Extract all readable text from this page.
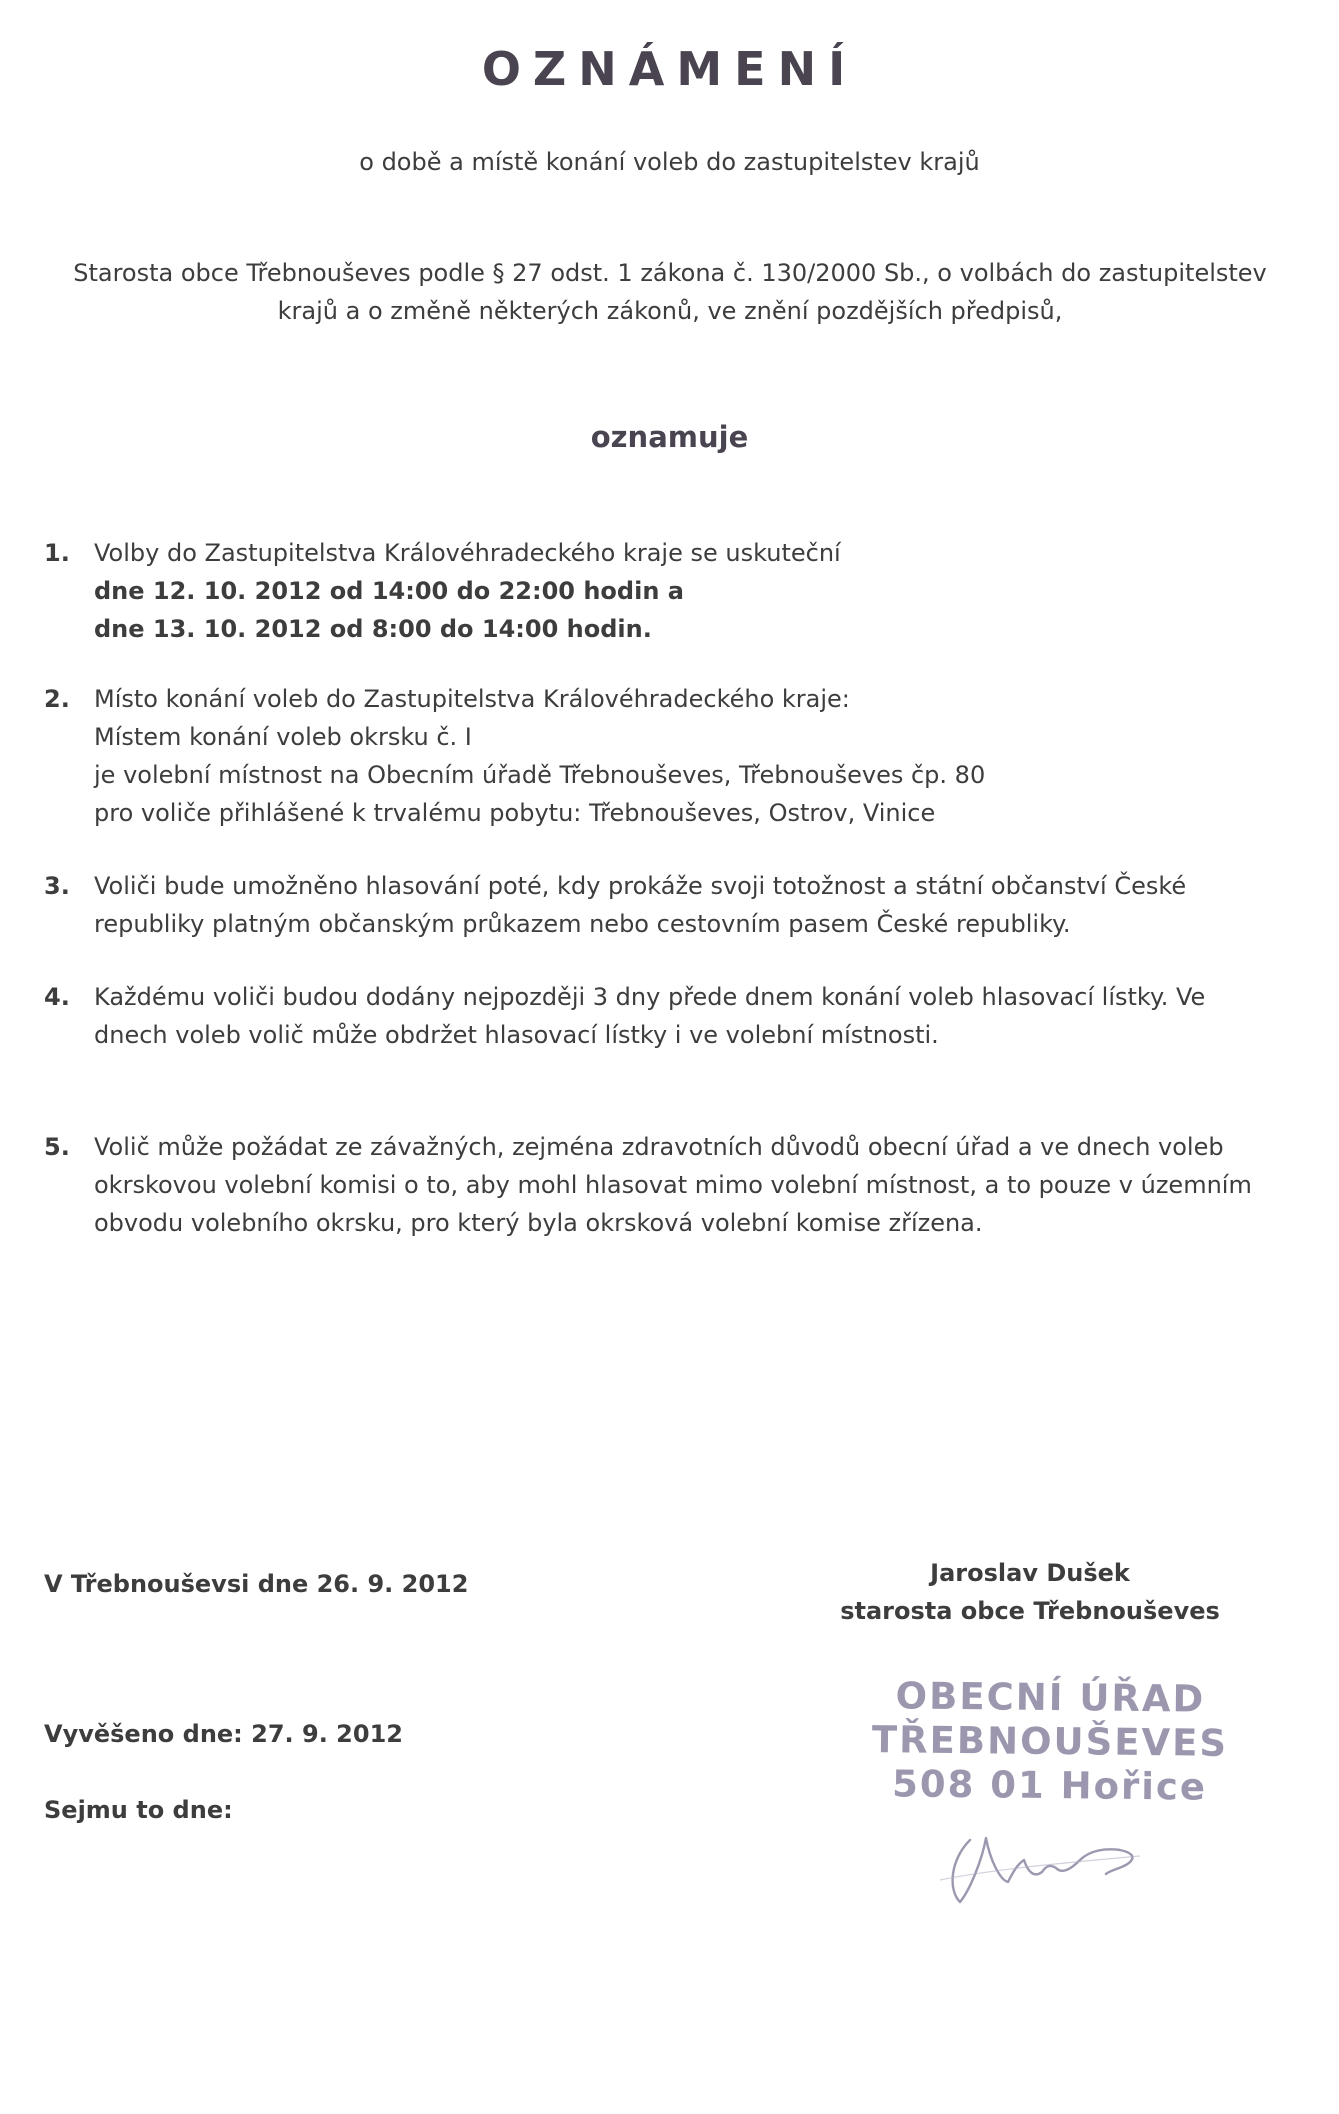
OZNÁMENÍ
o době a místě konání voleb do zastupitelstev krajů
Starosta obce Třebnouševes podle § 27 odst. 1 zákona č. 130/2000 Sb., o volbách do zastupitelstev
krajů a o změně některých zákonů, ve znění pozdějších předpisů,
oznamuje
1. Volby do Zastupitelstva Královéhradeckého kraje se uskuteční
dne 12. 10. 2012 od 14:00 do 22:00 hodin a
dne 13. 10. 2012 od 8:00 do 14:00 hodin.
2. Místo konání voleb do Zastupitelstva Královéhradeckého kraje:
Místem konání voleb okrsku č. I
je volební místnost na Obecním úřadě Třebnouševes, Třebnouševes čp. 80
pro voliče přihlášené k trvalému pobytu: Třebnouševes, Ostrov, Vinice
3. Voliči bude umožněno hlasování poté, kdy prokáže svoji totožnost a státní občanství České
republiky platným občanským průkazem nebo cestovním pasem České republiky.
4. Každému voliči budou dodány nejpozději 3 dny přede dnem konání voleb hlasovací lístky. Ve
dnech voleb volič může obdržet hlasovací lístky i ve volební místnosti.
5. Volič může požádat ze závažných, zejména zdravotních důvodů obecní úřad a ve dnech voleb
okrskovou volební komisi o to, aby mohl hlasovat mimo volební místnost, a to pouze v územním
obvodu volebního okrsku, pro který byla okrsková volební komise zřízena.
V Třebnouševsi dne 26. 9. 2012	Jaroslav Dušek
starosta obce Třebnouševes
Vyvěšeno dne: 27. 9. 2012
Sejmu to dne:
OBECNÍ ÚŘAD
TŘEBNOUŠEVES
508 01 Hořice
